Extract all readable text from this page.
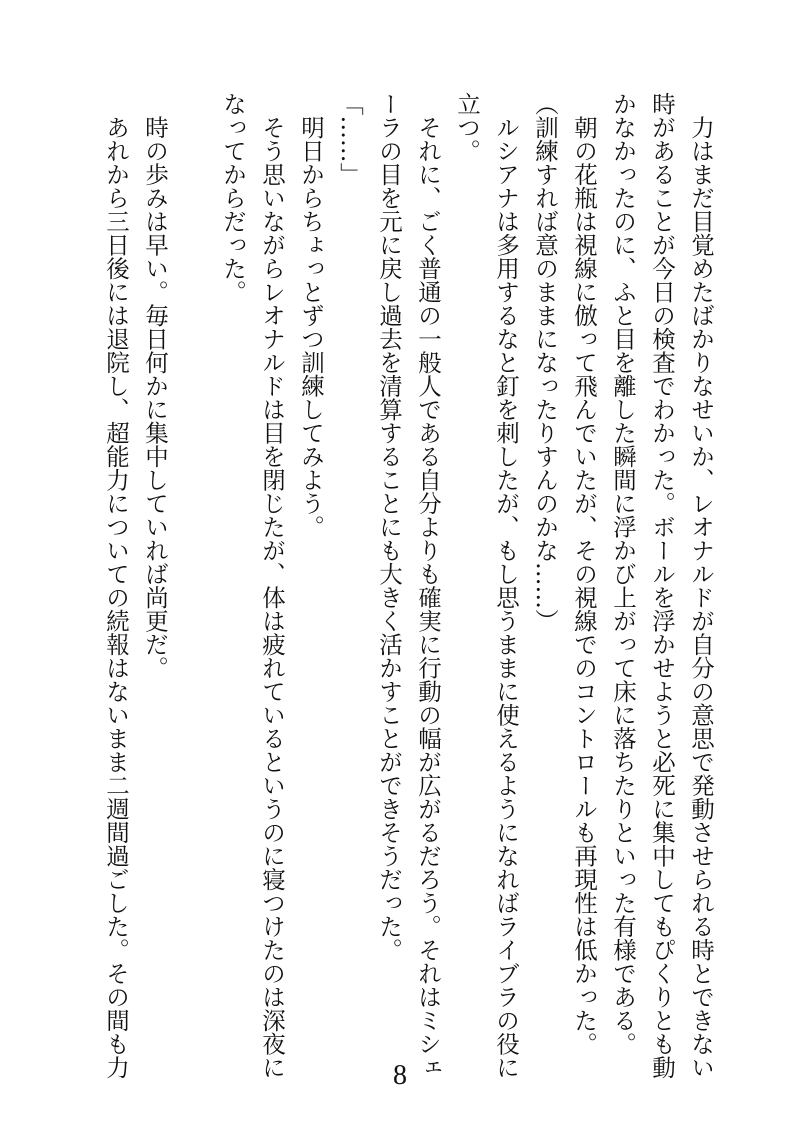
　力はまだ目覚めたばかりなせいか、レオナルドが自分の意思で発動させられる時とできない

時があることが今日の検査でわかった。ボールを浮かせようと必死に集中してもぴくりとも動

かなかったのに、ふと目を離した瞬間に浮かび上がって床に落ちたりといった有様である。

　朝の花瓶は視線に倣って飛んでいたが、その視線でのコントロールも再現性は低かった。

（訓練すれば意のままになったりすんのかな……）

　ルシアナは多用するなと釘を刺したが、もし思うままに使えるようになればライブラの役に

立つ。

　それに、ごく普通の一般人である自分よりも確実に行動の幅が広がるだろう。それはミシェ

ーラの目を元に戻し過去を清算することにも大きく活かすことができそうだった。

「……」

　明日からちょっとずつ訓練してみよう。

　そう思いながらレオナルドは目を閉じたが、体は疲れているというのに寝つけたのは深夜に

なってからだった。

　時の歩みは早い。毎日何かに集中していれば尚更だ。

　あれから三日後には退院し、超能力についての続報はないまま二週間過ごした。その間も力	8
